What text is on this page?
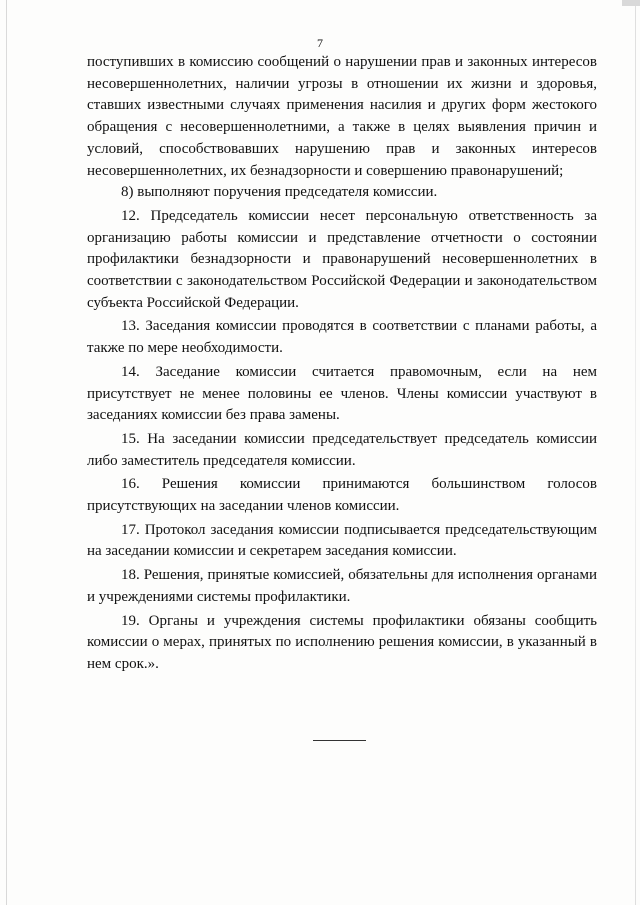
7

поступивших в комиссию сообщений о нарушении прав и законных интересов несовершеннолетних, наличии угрозы в отношении их жизни и здоровья, ставших известными случаях применения насилия и других форм жестокого обращения с несовершеннолетними, а также в целях выявления причин и условий, способствовавших нарушению прав и законных интересов несовершеннолетних, их безнадзорности и совершению правонарушений;

8) выполняют поручения председателя комиссии.

12. Председатель комиссии несет персональную ответственность за организацию работы комиссии и представление отчетности о состоянии профилактики безнадзорности и правонарушений несовершеннолетних в соответствии с законодательством Российской Федерации и законодательством субъекта Российской Федерации.

13. Заседания комиссии проводятся в соответствии с планами работы, а также по мере необходимости.

14. Заседание комиссии считается правомочным, если на нем присутствует не менее половины ее членов. Члены комиссии участвуют в заседаниях комиссии без права замены.

15. На заседании комиссии председательствует председатель комиссии либо заместитель председателя комиссии.

16. Решения комиссии принимаются большинством голосов присутствующих на заседании членов комиссии.

17. Протокол заседания комиссии подписывается председательствующим на заседании комиссии и секретарем заседания комиссии.

18. Решения, принятые комиссией, обязательны для исполнения органами и учреждениями системы профилактики.

19. Органы и учреждения системы профилактики обязаны сообщить комиссии о мерах, принятых по исполнению решения комиссии, в указанный в нем срок.».
